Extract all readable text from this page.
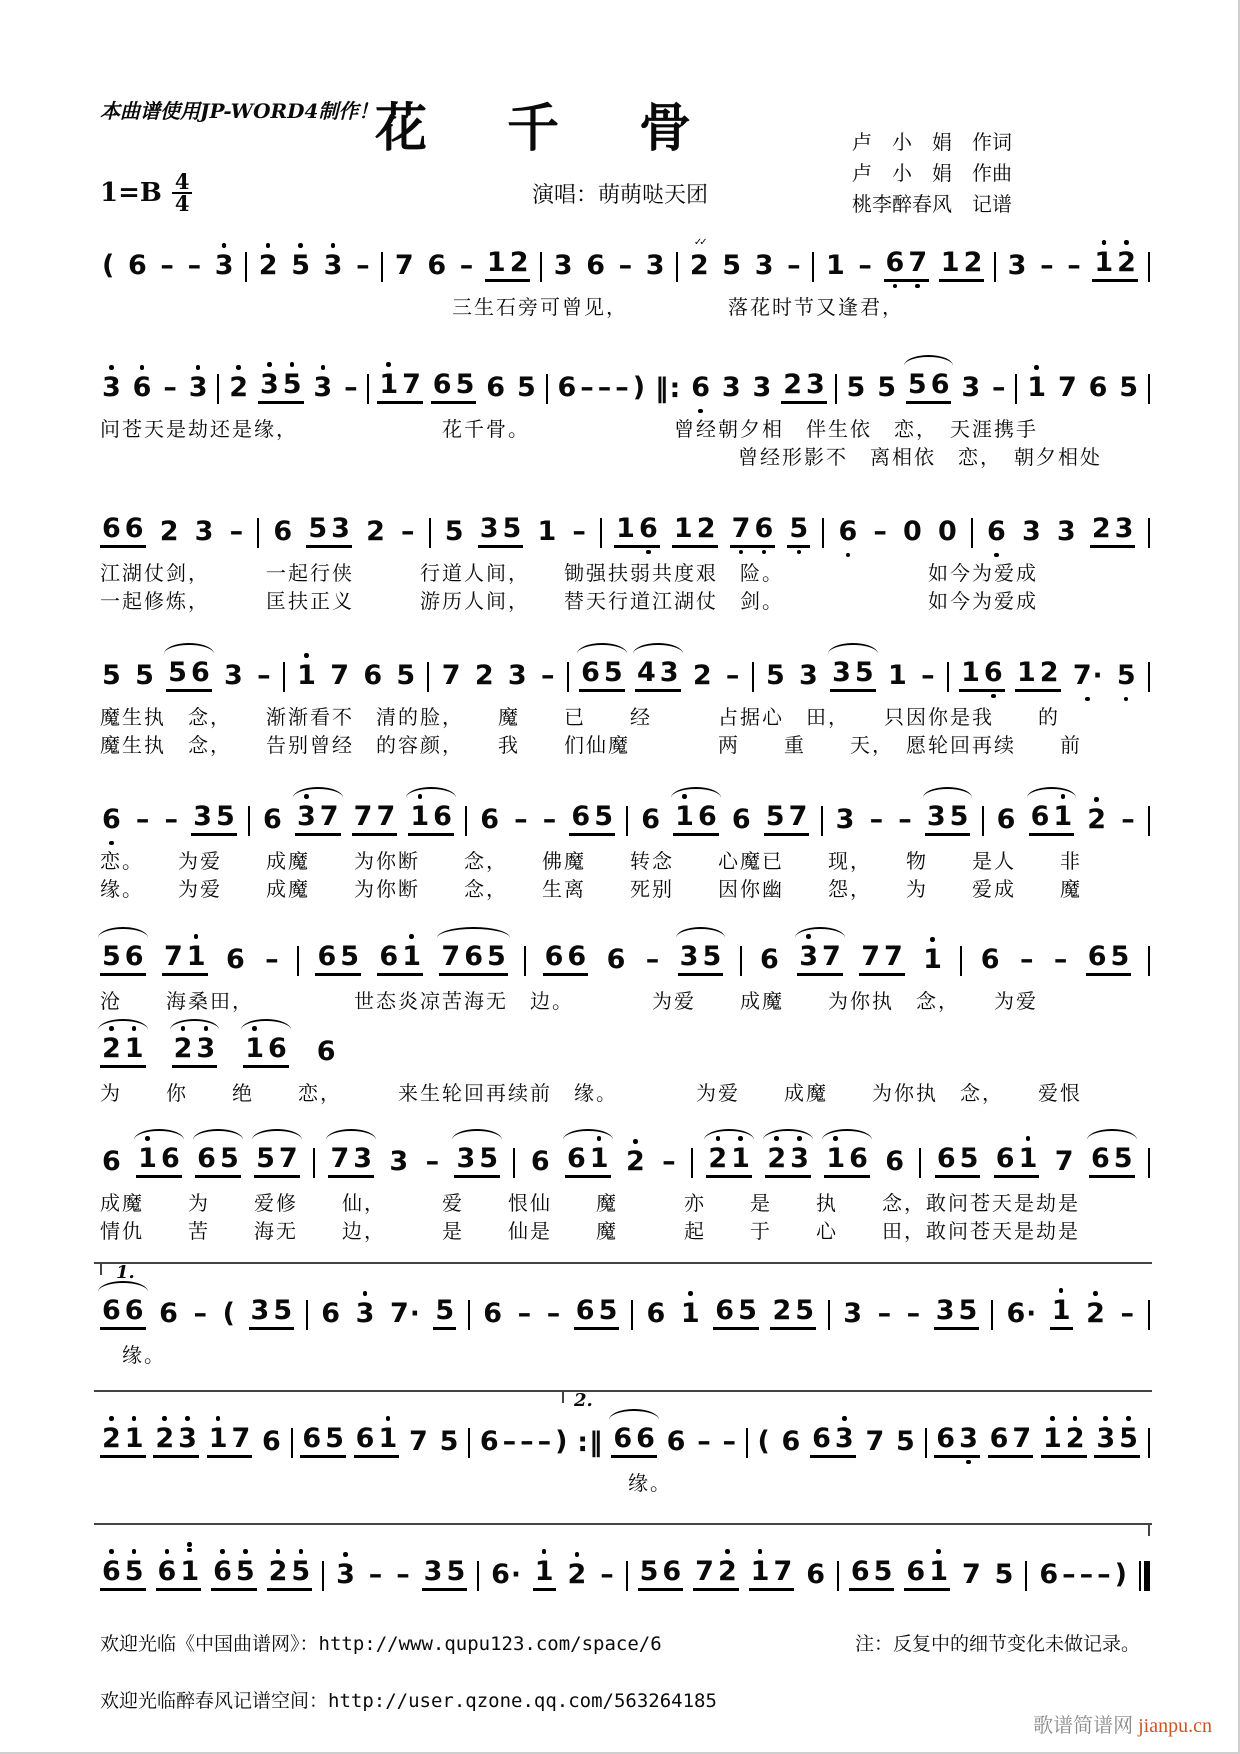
本曲谱使用JP-WORD4制作！
花　千　骨	卢　小　娟　作词
卢　小　娟　作曲
桃李醉春风　记谱
$1=B \frac{4}{4}$	演唱：萌萌哒天团
( 6 – – 3 2 5 3 – 7 6 – 1 2 3 6 – 3
✓✓
2 5 3 – 1 – 6 7 1 2 3 – – 1 2
　　　　　　　　　　　　　　　　三生石旁可曾见，　　　　　落花时节又逢君，
3 6 – 3 2 3 5 3 – 1 7 6 5 6 5 6 – – – ) ‖: 6 3 3 2 3 5 5 5 6 3 – 1 7 6 5
问苍天是劫还是缘，　　　　　　　花千骨。　　　　　　　曾经朝夕相　伴生依　恋，　天涯携手
　　　　　　　　　　　　　　　　　　　　　　　　　　　　　曾经形影不　离相依　恋，　朝夕相处
6 6 2 3 – 6 5 3 2 – 5 3 5 1 – 1 6 1 2 7 6 5 6 – 0 0 6 3 3 2 3
江湖仗剑，　　　一起行侠　　　行道人间，　　锄强扶弱共度艰　险。　　　　　　　如今为爱成
一起修炼，　　　匡扶正义　　　游历人间，　　替天行道江湖仗　剑。　　　　　　　如今为爱成
5 5 5 6 3 – 1 7 6 5 7 2 3 – 6 5 4 3 2 – 5 3 3 5 1 – 1 6 1 2 7 · 5
魔生执　念，　　渐渐看不　清的脸，　　魔　　已　　经　　　占据心　田，　　只因你是我　　的
魔生执　念，　　告别曾经　的容颜，　　我　　们仙魔　　　　两　　重　　天，　愿轮回再续　　前
6 – – 3 5 6 3 7 7 7 1 6 6 – – 6 5 6 1 6 6 5 7 3 – – 3 5 6 6 1 2 –
恋。　　为爱　　成魔　　为你断　　念，　　佛魔　　转念　　心魔已　　现，　　物　　是人　　非
缘。　　为爱　　成魔　　为你断　　念，　　生离　　死别　　因你幽　　怨，　　为　　爱成　　魔
5 6 7 1 6 – 6 5 6 1 7 6 5 6 6 6 – 3 5 6 3 7 7 7 1 6 – – 6 5
沧　　海桑田，　　　　　世态炎凉苦海无　边。　　　　为爱　　成魔　　为你执　念，　　为爱
2 1 2 3 1 6 6
为　　你　　绝　　恋，　　　来生轮回再续前　缘。　　　　为爱　　成魔　　为你执　念，　　爱恨
6 1 6 6 5 5 7 7 3 3 – 3 5 6 6 1 2 – 2 1 2 3 1 6 6 6 5 6 1 7 6 5
成魔　　为　　爱修　　仙，　　　爱　　恨仙　　魔　　　亦　　是　　执　　念，敢问苍天是劫是
情仇　　苦　　海无　　边，　　　是　　仙是　　魔　　　起　　于　　心　　田，敢问苍天是劫是
1.
6 6 6 – ( 3 5 6 3 7 · 5 6 – – 6 5 6 1 6 5 2 5 3 – – 3 5 6 · 1 2 –
　缘。
2.
2 1 2 3 1 7 6 6 5 6 1 7 5 6 – – – ) :‖ 6 6 6 – – ( 6 6 3 7 5 6 3 6 7 1 2 3 5
　　　　　　　　　　　　　　　　　　　　　　　　缘。
6 5 6 1 6 5 2 5 3 – – 3 5 6 · 1 2 – 5 6 7 2 1 7 6 6 5 6 1 7 5 6 – – – )
欢迎光临《中国曲谱网》：http://www.qupu123.com/space/6	注：反复中的细节变化未做记录。
欢迎光临醉春风记谱空间：http://user.qzone.qq.com/563264185
歌谱简谱网 jianpu.cn
